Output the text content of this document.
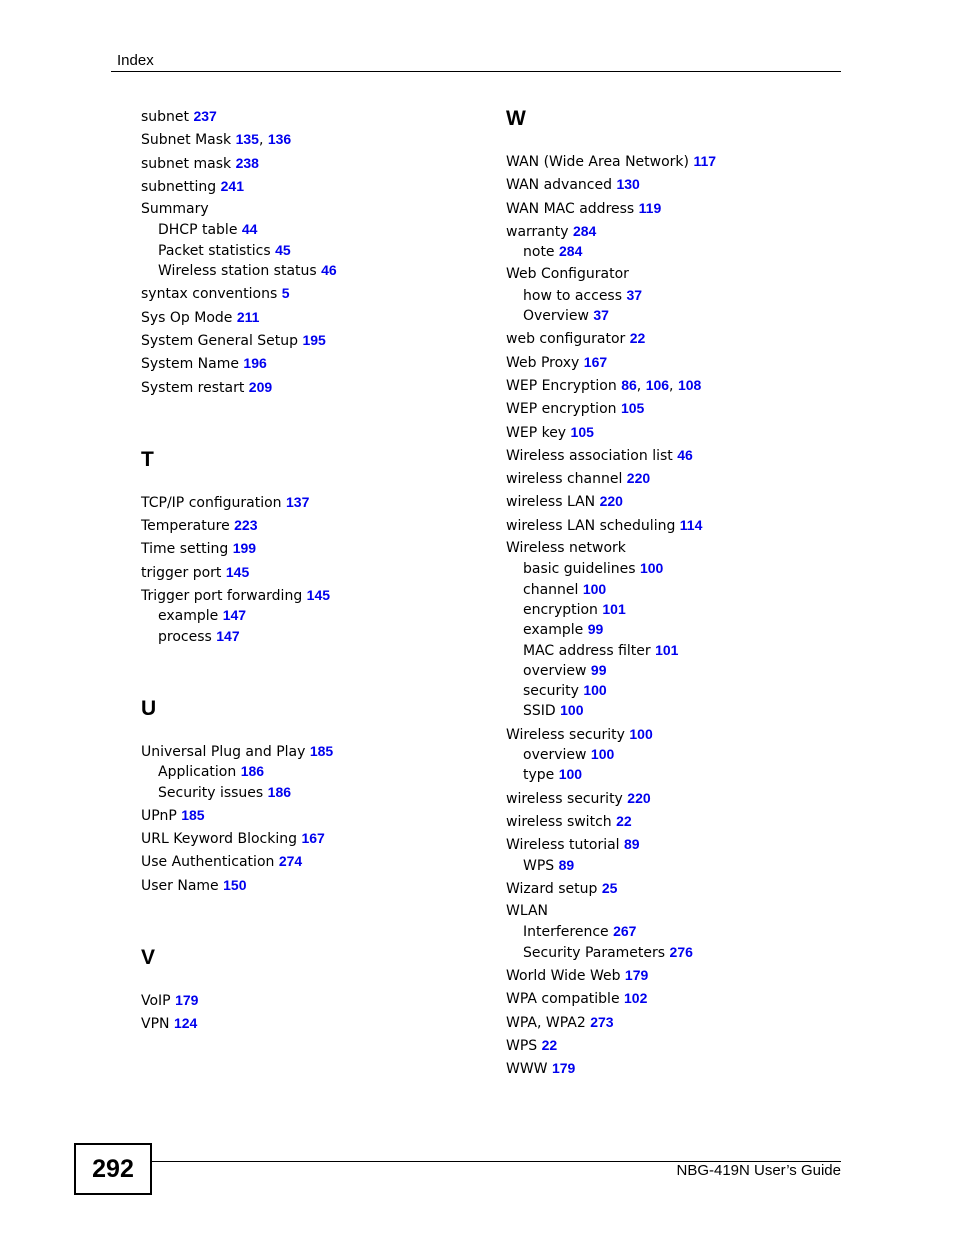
Index
subnet 237
Subnet Mask 135, 136
subnet mask 238
subnetting 241
Summary
DHCP table 44
Packet statistics 45
Wireless station status 46
syntax conventions 5
Sys Op Mode 211
System General Setup 195
System Name 196
System restart 209
T
TCP/IP configuration 137
Temperature 223
Time setting 199
trigger port 145
Trigger port forwarding 145
example 147
process 147
U
Universal Plug and Play 185
Application 186
Security issues 186
UPnP 185
URL Keyword Blocking 167
Use Authentication 274
User Name 150
V
VoIP 179
VPN 124
W
WAN (Wide Area Network) 117
WAN advanced 130
WAN MAC address 119
warranty 284
note 284
Web Configurator
how to access 37
Overview 37
web configurator 22
Web Proxy 167
WEP Encryption 86, 106, 108
WEP encryption 105
WEP key 105
Wireless association list 46
wireless channel 220
wireless LAN 220
wireless LAN scheduling 114
Wireless network
basic guidelines 100
channel 100
encryption 101
example 99
MAC address filter 101
overview 99
security 100
SSID 100
Wireless security 100
overview 100
type 100
wireless security 220
wireless switch 22
Wireless tutorial 89
WPS 89
Wizard setup 25
WLAN
Interference 267
Security Parameters 276
World Wide Web 179
WPA compatible 102
WPA, WPA2 273
WPS 22
WWW 179
292	NBG-419N User’s Guide
